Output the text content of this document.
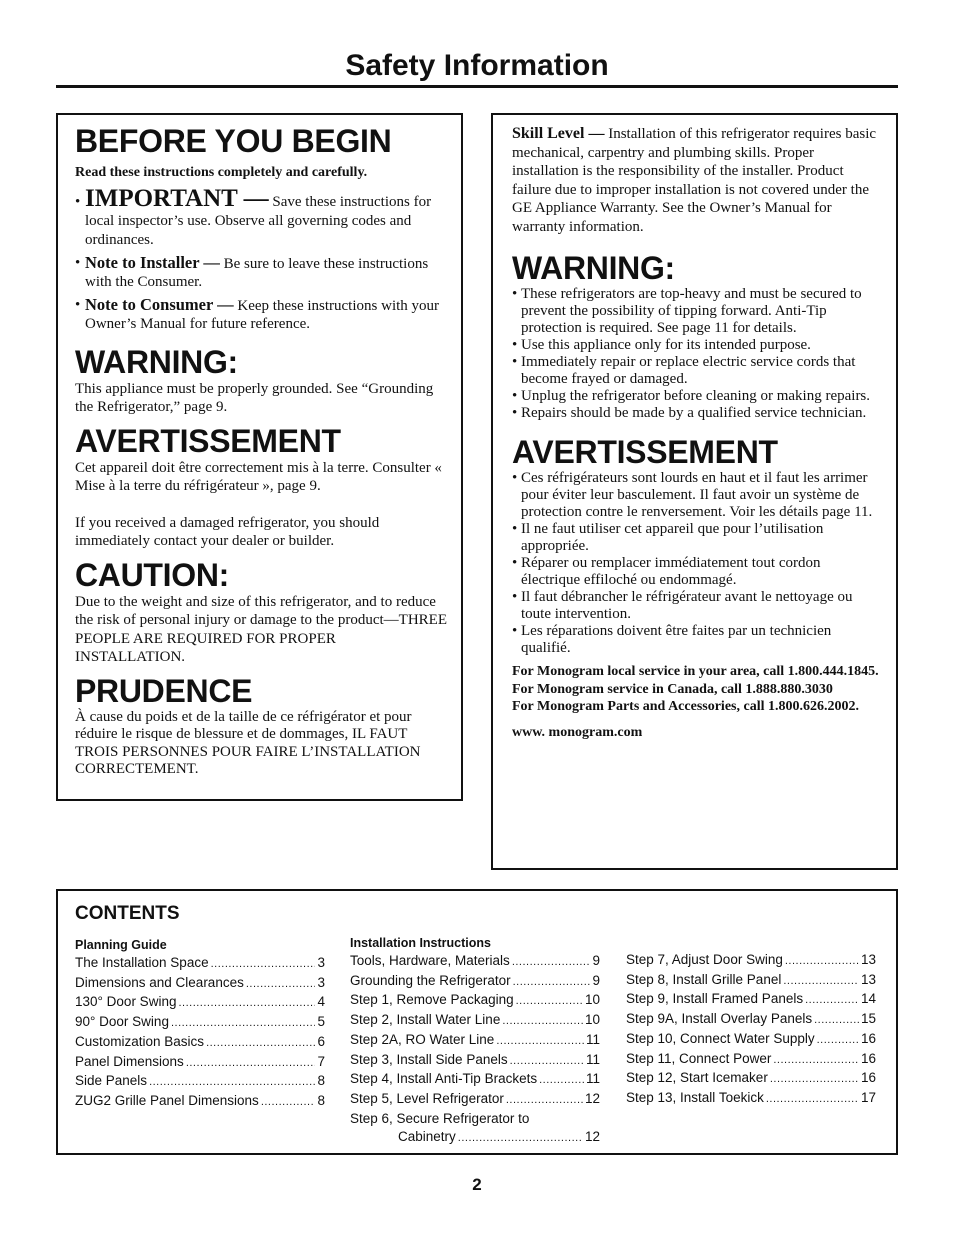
Safety Information
BEFORE YOU BEGIN

Read these instructions completely and carefully.

• IMPORTANT — Save these instructions for local inspector’s use. Observe all governing codes and ordinances.

• Note to Installer — Be sure to leave these instructions with the Consumer.

• Note to Consumer — Keep these instructions with your Owner’s Manual for future reference.

WARNING:

This appliance must be properly grounded. See “Grounding the Refrigerator,” page 9.

AVERTISSEMENT

Cet appareil doit être correctement mis à la terre. Consulter « Mise à la terre du réfrigérateur », page 9.

If you received a damaged refrigerator, you should immediately contact your dealer or builder.

CAUTION:

Due to the weight and size of this refrigerator, and to reduce the risk of personal injury or damage to the product—THREE PEOPLE ARE REQUIRED FOR PROPER INSTALLATION.

PRUDENCE

À cause du poids et de la taille de ce réfrigérator et pour réduire le risque de blessure et de dommages, IL FAUT TROIS PERSONNES POUR FAIRE L’INSTALLATION CORRECTEMENT.

Skill Level — Installation of this refrigerator requires basic mechanical, carpentry and plumbing skills. Proper installation is the responsibility of the installer. Product failure due to improper installation is not covered under the GE Appliance Warranty. See the Owner’s Manual for warranty information.

WARNING:

• These refrigerators are top-heavy and must be secured to prevent the possibility of tipping forward. Anti-Tip protection is required. See page 11 for details.

• Use this appliance only for its intended purpose.

• Immediately repair or replace electric service cords that become frayed or damaged.

• Unplug the refrigerator before cleaning or making repairs.

• Repairs should be made by a qualified service technician.

AVERTISSEMENT

• Ces réfrigérateurs sont lourds en haut et il faut les arrimer pour éviter leur basculement. Il faut avoir un système de protection contre le renversement. Voir les détails page 11.

• Il ne faut utiliser cet appareil que pour l’utilisation appropriée.

• Réparer ou remplacer immédiatement tout cordon électrique effiloché ou endommagé.

• Il faut débrancher le réfrigérateur avant le nettoyage ou toute intervention.

• Les réparations doivent être faites par un technicien qualifié.

For Monogram local service in your area, call 1.800.444.1845.

For Monogram service in Canada, call 1.888.880.3030

For Monogram Parts and Accessories, call 1.800.626.2002.

www. monogram.com

CONTENTS
Planning Guide
The Installation Space .....	3
Dimensions and Clearances .....	3
130° Door Swing .....	4
90° Door Swing .....	5
Customization Basics .....	6
Panel Dimensions .....	7
Side Panels .....	8
ZUG2 Grille Panel Dimensions .....	8
Installation Instructions
Tools, Hardware, Materials .....	9
Grounding the Refrigerator .....	9
Step 1, Remove Packaging .....	10
Step 2, Install Water Line .....	10
Step 2A, RO Water Line .....	11
Step 3, Install Side Panels .....	11
Step 4, Install Anti-Tip Brackets .....	11
Step 5, Level Refrigerator .....	12
Step 6, Secure Refrigerator to
Cabinetry .....	12
Step 7, Adjust Door Swing .....	13
Step 8, Install Grille Panel .....	13
Step 9, Install Framed Panels .....	14
Step 9A, Install Overlay Panels .....	15
Step 10, Connect Water Supply .....	16
Step 11, Connect Power .....	16
Step 12, Start Icemaker .....	16
Step 13, Install Toekick .....	17
2
